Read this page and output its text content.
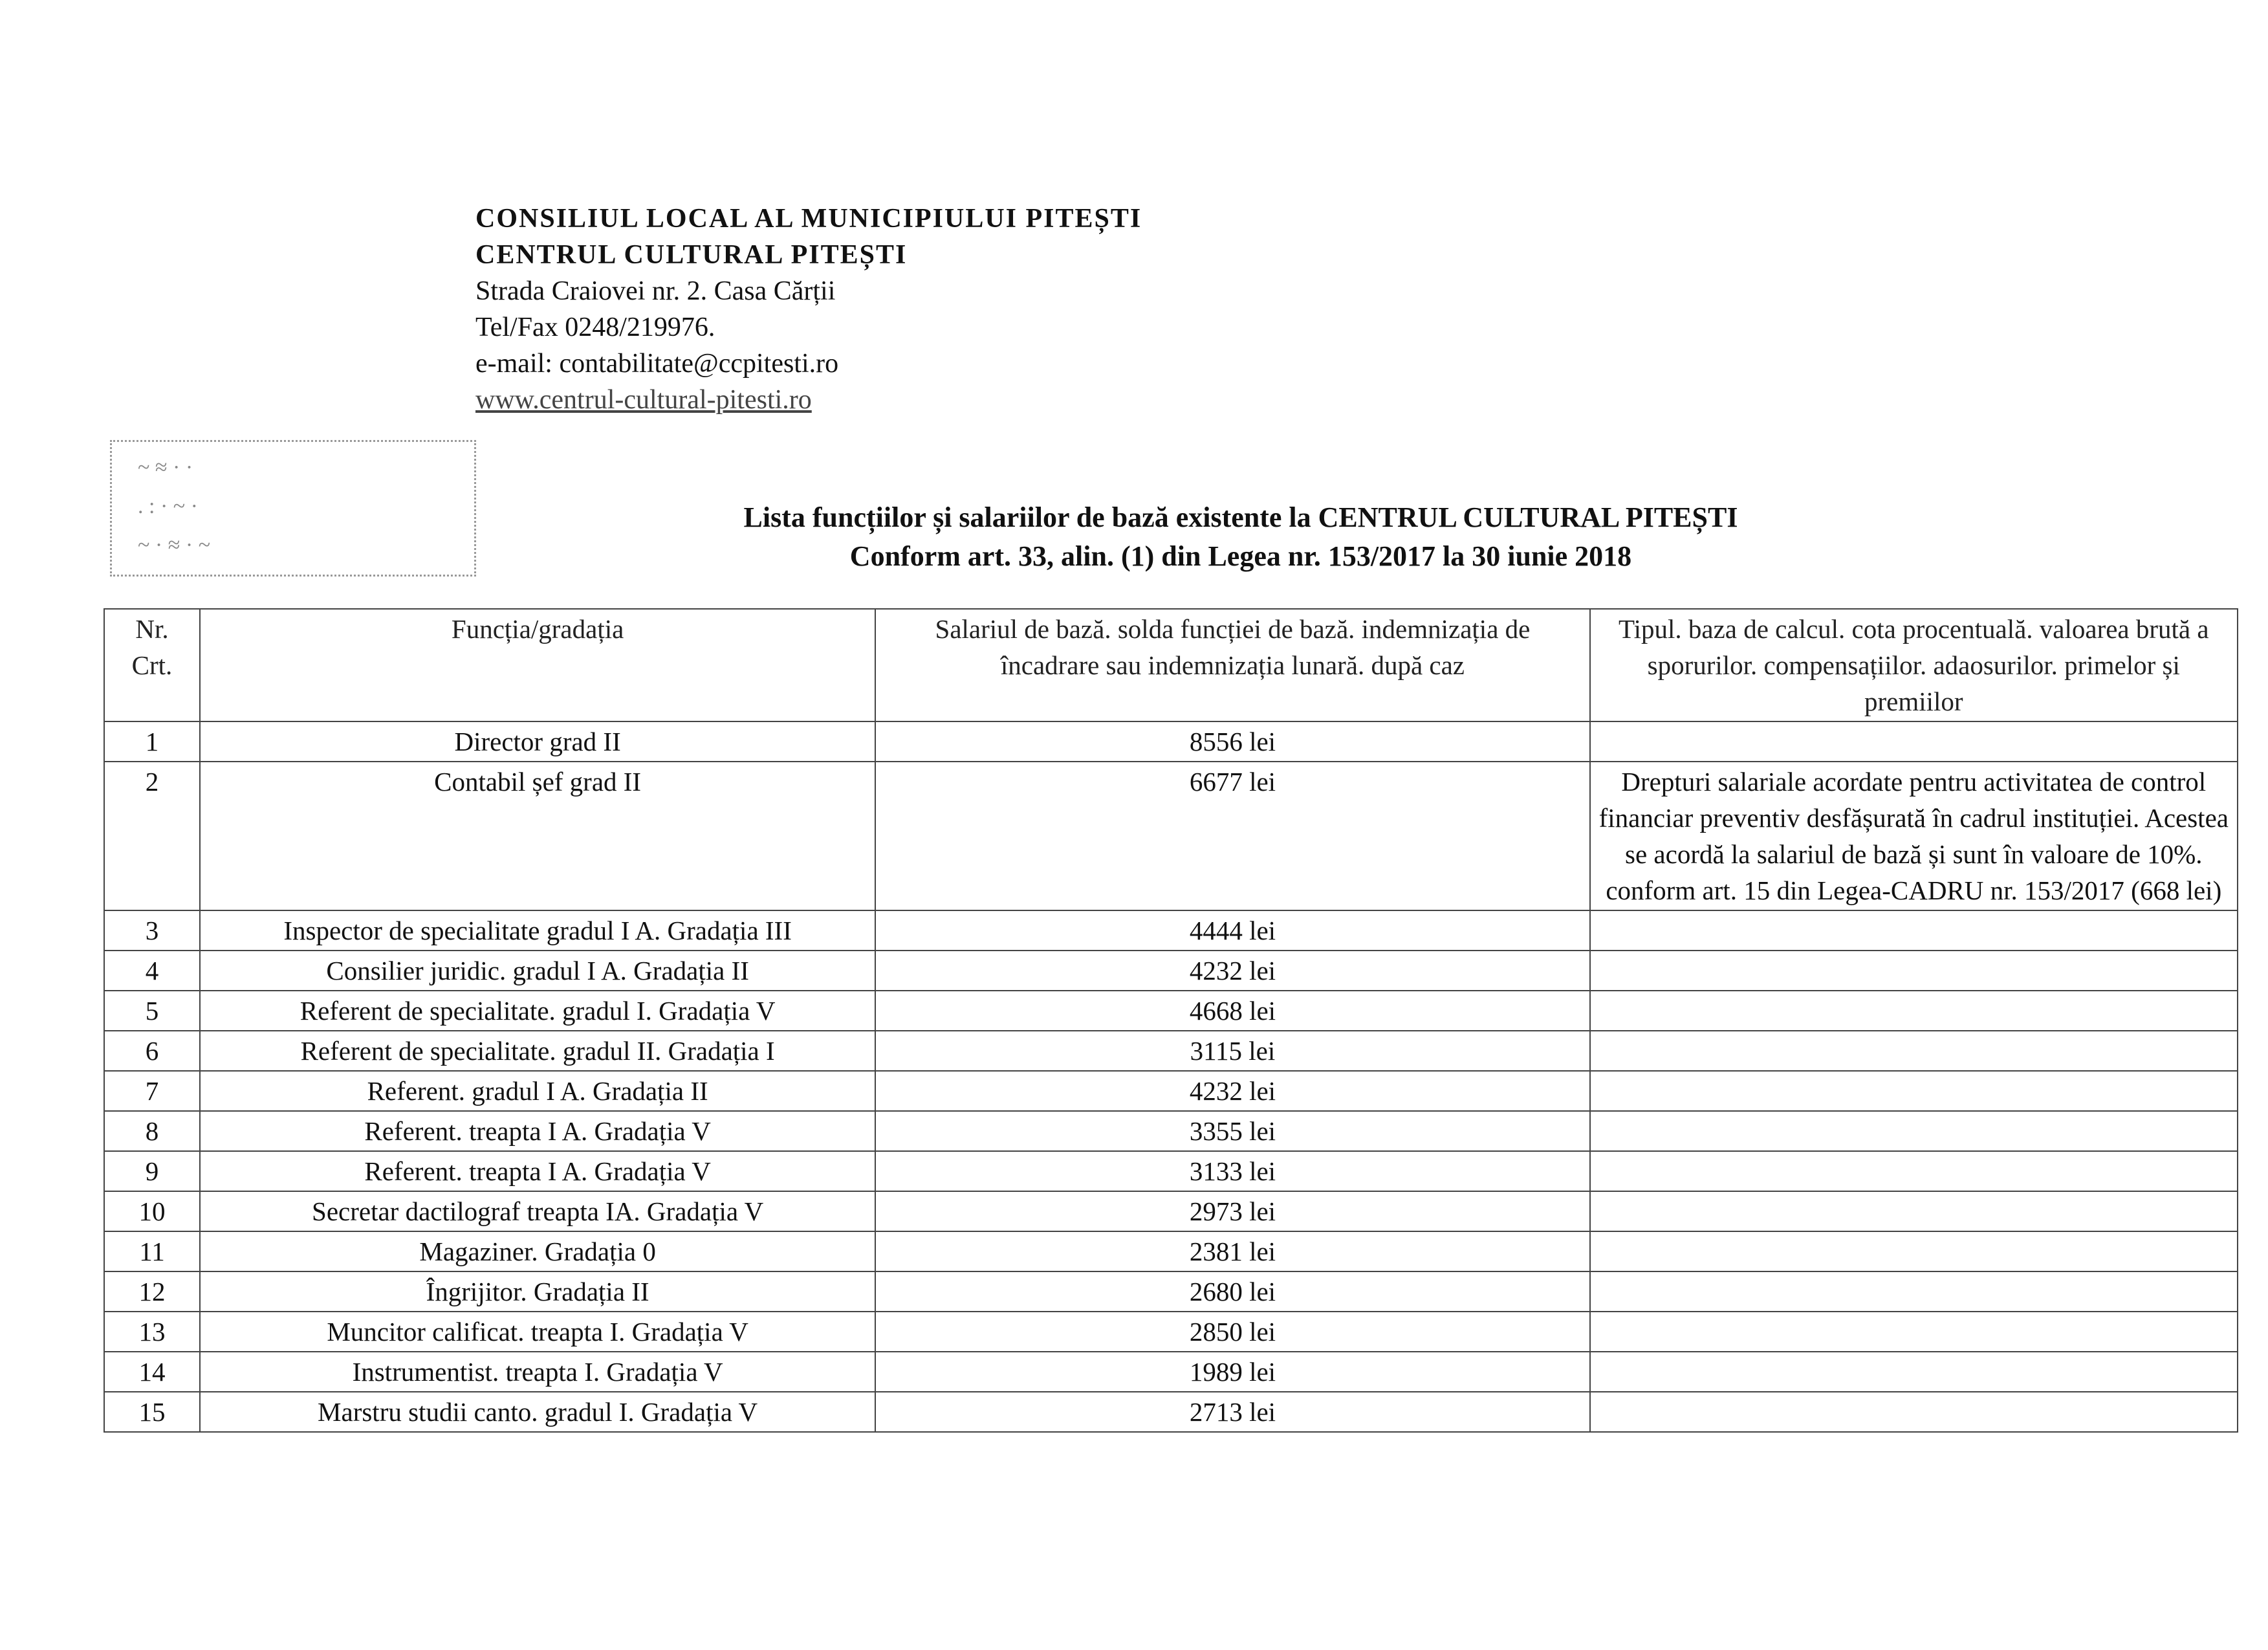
CONSILIUL LOCAL AL MUNICIPIULUI PITEȘTI
CENTRUL CULTURAL PITEȘTI
Strada Craiovei nr. 2. Casa Cărții
Tel/Fax 0248/219976.
e-mail: contabilitate@ccpitesti.ro
www.centrul-cultural-pitesti.ro
~ ≈ · ·
. : · ~ ·
~ · ≈ · ~
Lista funcțiilor și salariilor de bază existente la CENTRUL CULTURAL PITEȘTI
Conform art. 33, alin. (1) din Legea nr. 153/2017 la 30 iunie 2018
Nr. Crt.	Funcția/gradația	Salariul de bază. solda funcției de bază. indemnizația de încadrare sau indemnizația lunară. după caz	Tipul. baza de calcul. cota procentuală. valoarea brută a sporurilor. compensațiilor. adaosurilor. primelor și premiilor
1	Director grad II	8556 lei	
2	Contabil șef grad II	6677 lei	Drepturi salariale acordate pentru activitatea de control financiar preventiv desfășurată în cadrul instituției. Acestea se acordă la salariul de bază și sunt în valoare de 10%. conform art. 15 din Legea-CADRU nr. 153/2017 (668 lei)
3	Inspector de specialitate gradul I A. Gradația III	4444 lei	
4	Consilier juridic. gradul I A. Gradația II	4232 lei	
5	Referent de specialitate. gradul I. Gradația V	4668 lei	
6	Referent de specialitate. gradul II. Gradația I	3115 lei	
7	Referent. gradul I A. Gradația II	4232 lei	
8	Referent. treapta I A. Gradația V	3355 lei	
9	Referent. treapta I A. Gradația V	3133 lei	
10	Secretar dactilograf treapta IA. Gradația V	2973 lei	
11	Magaziner. Gradația 0	2381 lei	
12	Îngrijitor. Gradația II	2680 lei	
13	Muncitor calificat. treapta I. Gradația V	2850 lei	
14	Instrumentist. treapta I. Gradația V	1989 lei	
15	Marstru studii canto. gradul I. Gradația V	2713 lei	
